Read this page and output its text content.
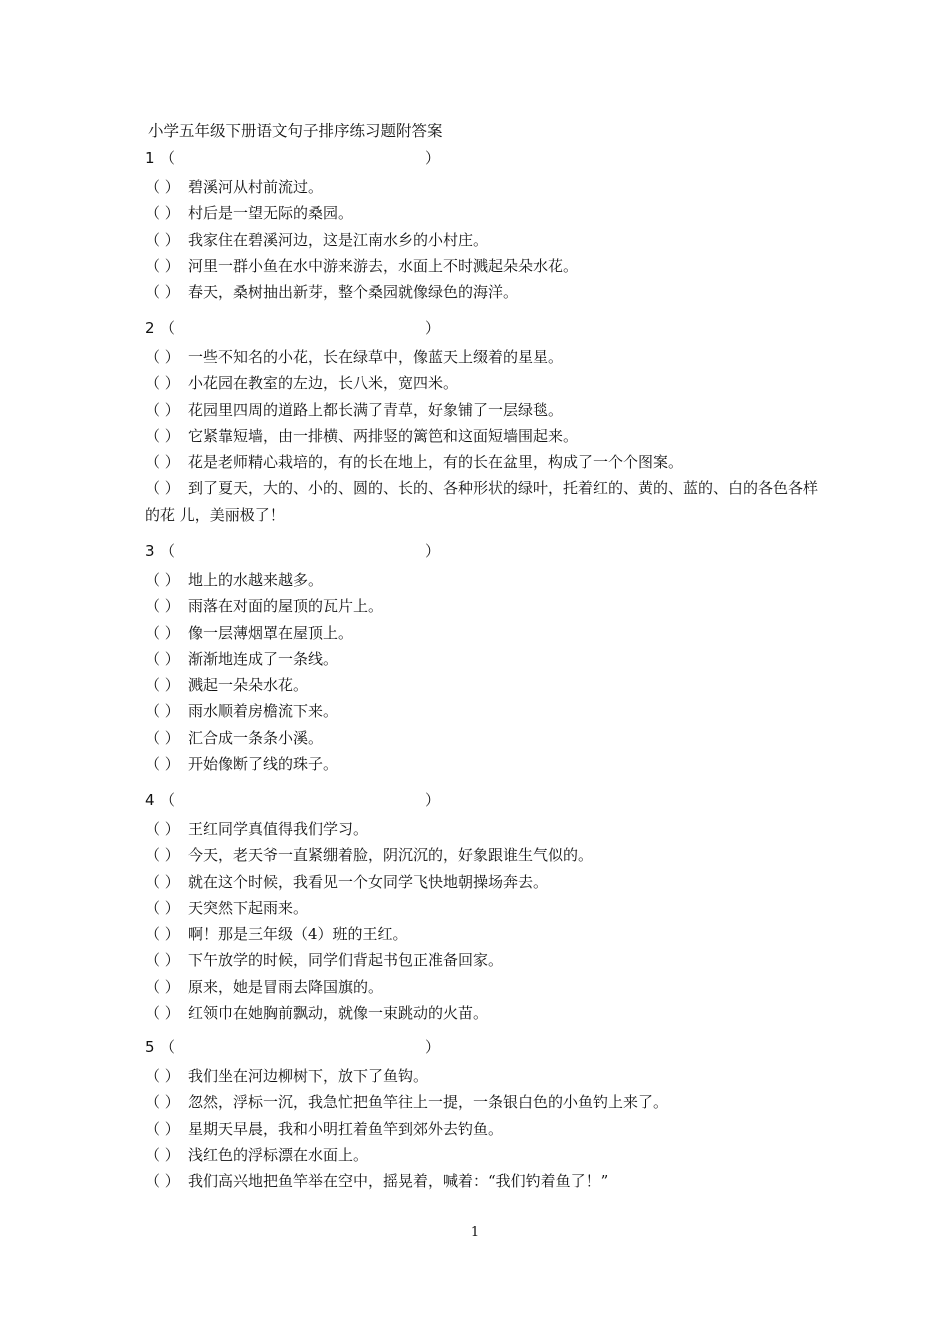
小学五年级下册语文句子排序练习题附答案
1 （	）
（ ） 碧溪河从村前流过。
（ ） 村后是一望无际的桑园。
（ ） 我家住在碧溪河边，这是江南水乡的小村庄。
（ ） 河里一群小鱼在水中游来游去，水面上不时溅起朵朵水花。
（ ） 春天，桑树抽出新芽，整个桑园就像绿色的海洋。
2 （	）
（ ） 一些不知名的小花，长在绿草中，像蓝天上缀着的星星。
（ ） 小花园在教室的左边，长八米，宽四米。
（ ） 花园里四周的道路上都长满了青草，好象铺了一层绿毯。
（ ） 它紧靠短墙，由一排横、两排竖的篱笆和这面短墙围起来。
（ ） 花是老师精心栽培的，有的长在地上，有的长在盆里，构成了一个个图案。
（ ） 到了夏天，大的、小的、圆的、长的、各种形状的绿叶，托着红的、黄的、蓝的、白的各色各样的花 儿，美丽极了！
3 （	）
（ ） 地上的水越来越多。
（ ） 雨落在对面的屋顶的瓦片上。
（ ） 像一层薄烟罩在屋顶上。
（ ） 渐渐地连成了一条线。
（ ） 溅起一朵朵水花。
（ ） 雨水顺着房檐流下来。
（ ） 汇合成一条条小溪。
（ ） 开始像断了线的珠子。
4 （	）
（ ） 王红同学真值得我们学习。
（ ） 今天，老天爷一直紧绷着脸，阴沉沉的，好象跟谁生气似的。
（ ） 就在这个时候，我看见一个女同学飞快地朝操场奔去。
（ ） 天突然下起雨来。
（ ） 啊！那是三年级（4）班的王红。
（ ） 下午放学的时候，同学们背起书包正准备回家。
（ ） 原来，她是冒雨去降国旗的。
（ ） 红领巾在她胸前飘动，就像一束跳动的火苗。
5 （	）
（ ） 我们坐在河边柳树下，放下了鱼钩。
（ ） 忽然，浮标一沉，我急忙把鱼竿往上一提，一条银白色的小鱼钓上来了。
（ ） 星期天早晨，我和小明扛着鱼竿到郊外去钓鱼。
（ ） 浅红色的浮标漂在水面上。
（ ） 我们高兴地把鱼竿举在空中，摇晃着，喊着：“我们钓着鱼了！”
1
